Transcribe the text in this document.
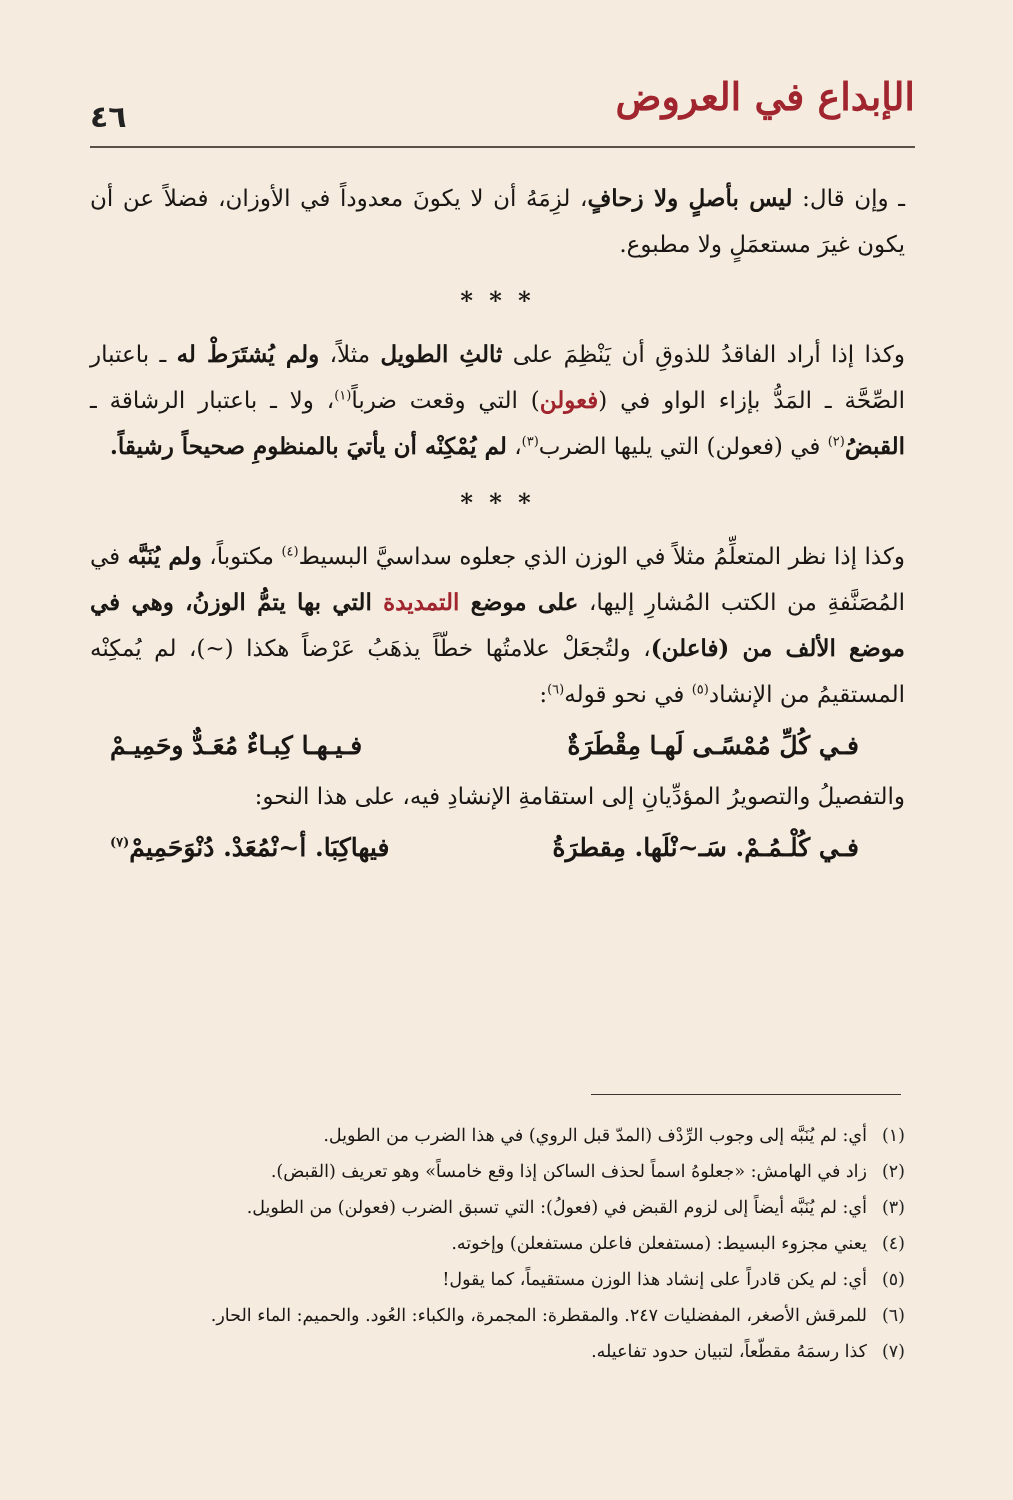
الإبداع في العروض
٤٦

ـ وإن قال: ليس بأصلٍ ولا زحافٍ، لزِمَهُ أن لا يكونَ معدوداً في الأوزان، فضلاً عن أن يكون غيرَ مستعمَلٍ ولا مطبوع.

* * *

وكذا إذا أراد الفاقدُ للذوقِ أن يَنْظِمَ على ثالثِ الطويل مثلاً، ولم يُشتَرَطْ له ـ باعتبار الصِّحَّة ـ المَدُّ بإزاء الواو في (فعولن) التي وقعت ضرباً$^{(١)}$، ولا ـ باعتبار الرشاقة ـ القبضُ$^{(٢)}$ في (فعولن) التي يليها الضرب$^{(٣)}$، لم يُمْكِنْه أن يأتيَ بالمنظومِ صحيحاً رشيقاً.

* * *

وكذا إذا نظر المتعلِّمُ مثلاً في الوزن الذي جعلوه سداسيَّ البسيط$^{(٤)}$ مكتوباً، ولم يُنَبَّه في المُصَنَّفةِ من الكتب المُشارِ إليها، على موضع التمديدة التي بها يتمُّ الوزنُ، وهي في موضع الألف من (فاعلن)، ولتُجعَلْ علامتُها خطّاً يذهَبُ عَرْضاً هكذا (~)، لم يُمكِنْه المستقيمُ من الإنشاد$^{(٥)}$ في نحو قوله$^{(٦)}$:

فـي كُلِّ مُمْسًـى لَهـا مِقْطَرَةٌ
فـيـهـا كِبـاءٌ مُعَـدٌّ وحَمِيـمْ

والتفصيلُ والتصويرُ المؤدِّيانِ إلى استقامةِ الإنشادِ فيه، على هذا النحو:

فـي كُلْـمُـمْ. سَـ~نْلَها. مِقطرَةُ
فيهاكِبَا. أ~نْمُعَدْ. دُنْوَحَمِيمْ$^{(٧)}$
(١)
أي: لم يُنَبَّه إلى وجوب الرِّدْف (المدّ قبل الروي) في هذا الضرب من الطويل.
(٢)
زاد في الهامش: «جعلوهُ اسماً لحذف الساكن إذا وقع خامساً» وهو تعريف (القبض).
(٣)
أي: لم يُنَبَّه أيضاً إلى لزوم القبض في (فعولُ): التي تسبق الضرب (فعولن) من الطويل.
(٤)
يعني مجزوء البسيط: (مستفعلن فاعلن مستفعلن) وإخوته.
(٥)
أي: لم يكن قادراً على إنشاد هذا الوزن مستقيماً، كما يقول!
(٦)
للمرقش الأصغر، المفضليات ٢٤٧. والمقطرة: المجمرة، والكباء: العُود. والحميم: الماء الحار.
(٧)
كذا رسمَهُ مقطّعاً، لتبيان حدود تفاعيله.
